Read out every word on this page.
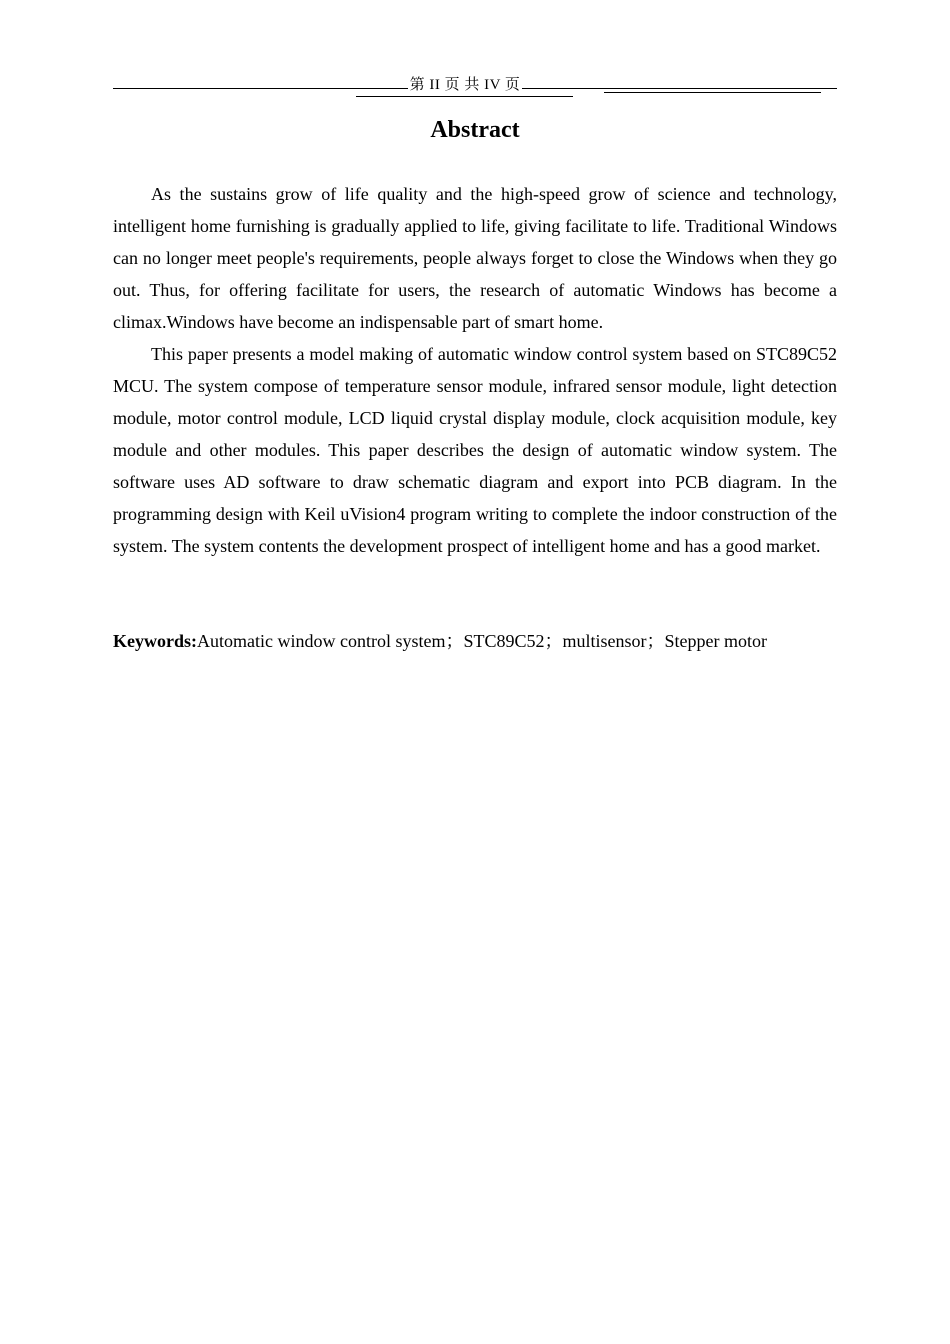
第 II 页 共 IV 页
Abstract

As the sustains grow of life quality and the high-speed grow of science and technology, intelligent home furnishing is gradually applied to life, giving facilitate to life. Traditional Windows can no longer meet people's requirements, people always forget to close the Windows when they go out. Thus, for offering facilitate for users, the research of automatic Windows has become a climax.Windows have become an indispensable part of smart home.

This paper presents a model making of automatic window control system based on STC89C52 MCU. The system compose of temperature sensor module, infrared sensor module, light detection module, motor control module, LCD liquid crystal display module, clock acquisition module, key module and other modules. This paper describes the design of automatic window system. The software uses AD software to draw schematic diagram and export into PCB diagram. In the programming design with Keil uVision4 program writing to complete the indoor construction of the system. The system contents the development prospect of intelligent home and has a good market.

Keywords:Automatic window control system；STC89C52；multisensor；Stepper motor
